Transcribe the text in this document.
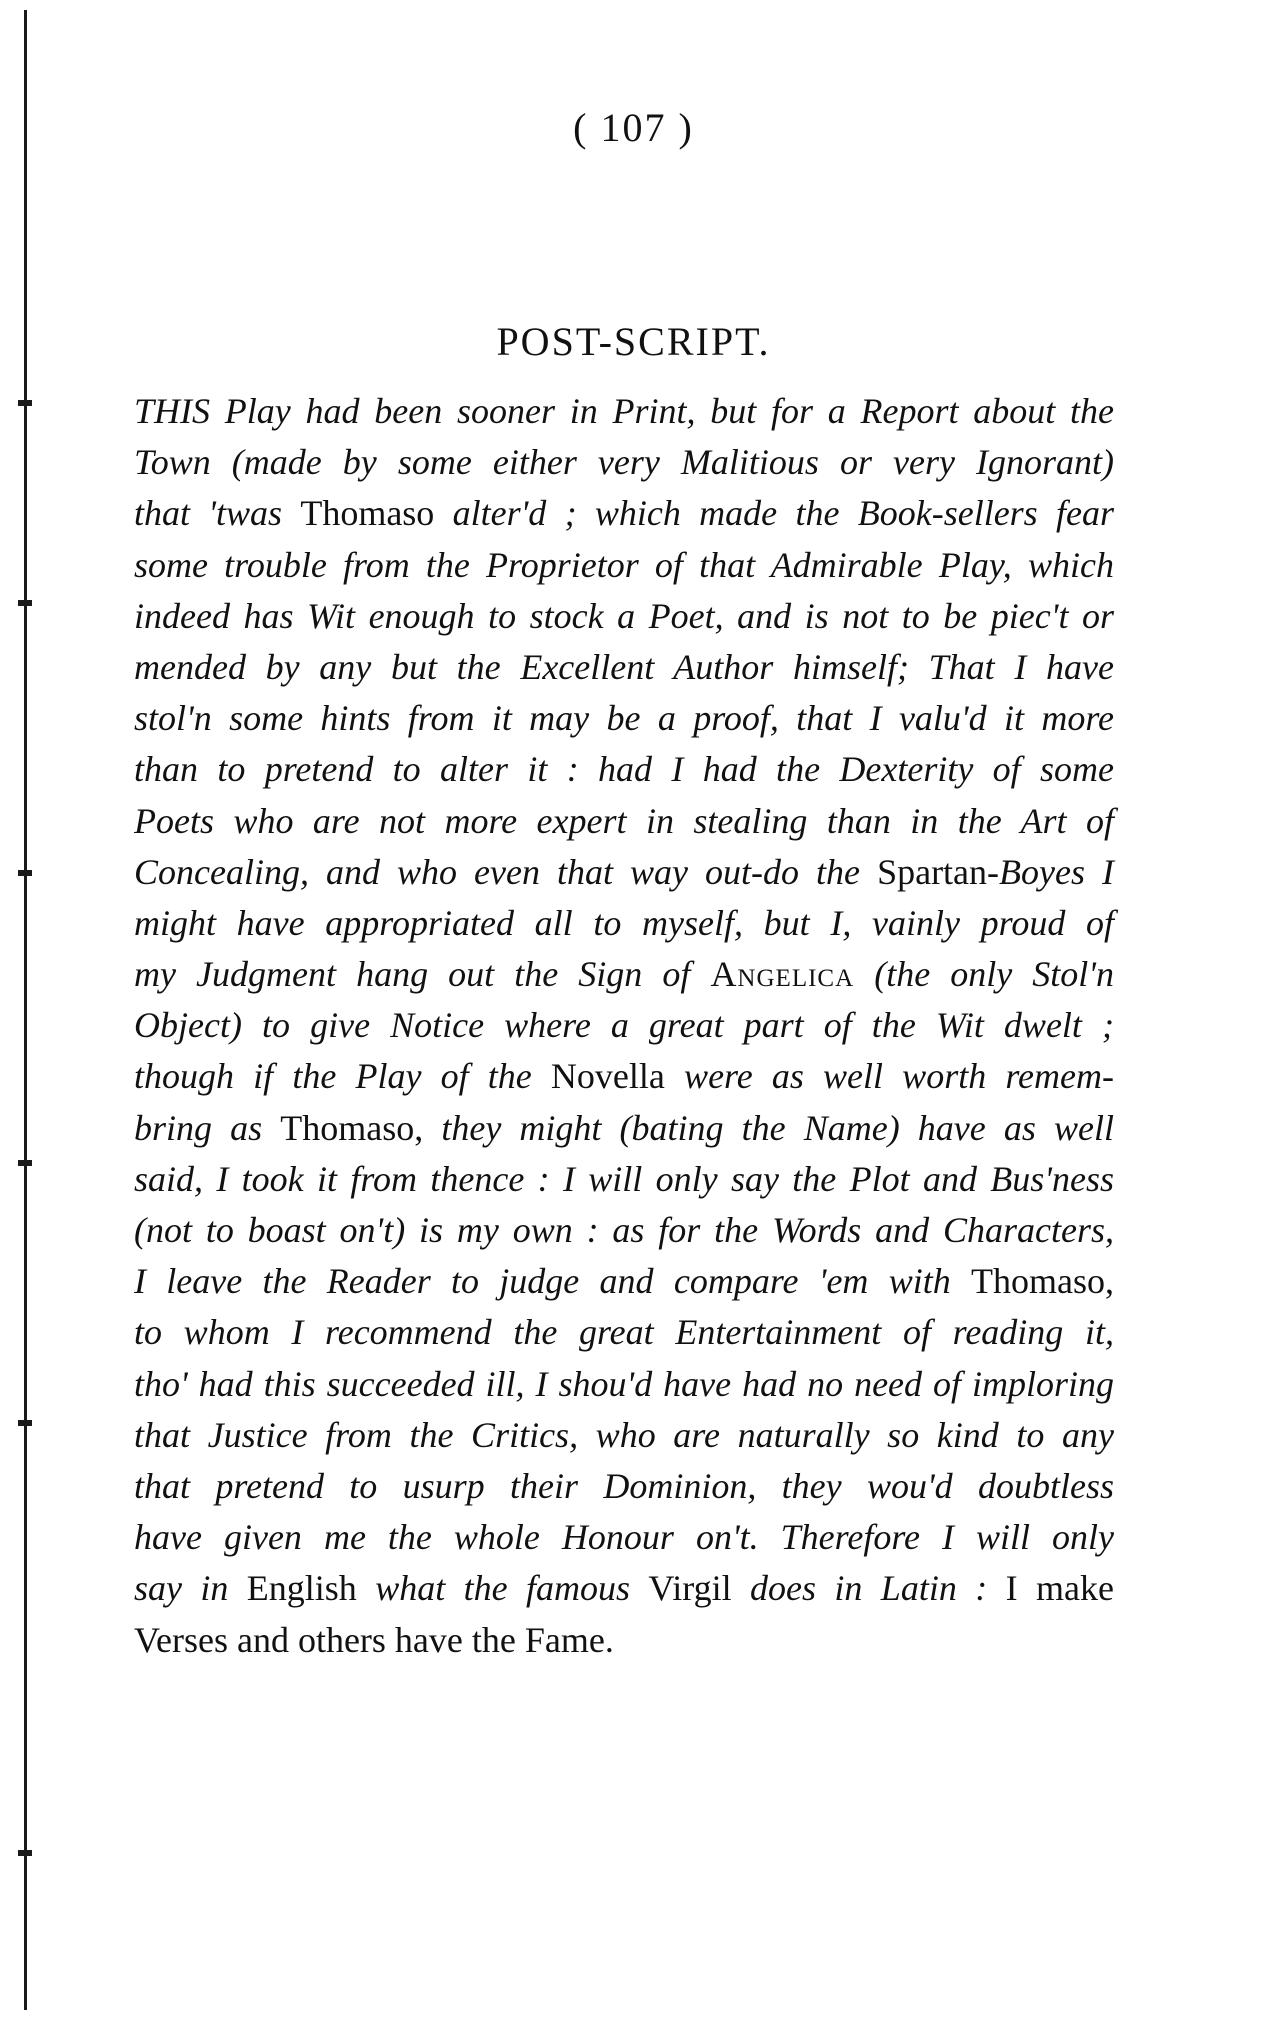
( 107 )
POST-SCRIPT.
THIS Play had been sooner in Print, but for a Report about the
Town (made by some either very Malitious or very Ignorant)
that 'twas Thomaso alter'd ; which made the Book-sellers fear
some trouble from the Proprietor of that Admirable Play, which
indeed has Wit enough to stock a Poet, and is not to be piec't or
mended by any but the Excellent Author himself; That I have
stol'n some hints from it may be a proof, that I valu'd it more
than to pretend to alter it : had I had the Dexterity of some
Poets who are not more expert in stealing than in the Art of
Concealing, and who even that way out-do the Spartan-Boyes I
might have appropriated all to myself, but I, vainly proud of
my Judgment hang out the Sign of Angelica (the only Stol'n
Object) to give Notice where a great part of the Wit dwelt ;
though if the Play of the Novella were as well worth remem-
bring as Thomaso, they might (bating the Name) have as well
said, I took it from thence : I will only say the Plot and Bus'ness
(not to boast on't) is my own : as for the Words and Characters,
I leave the Reader to judge and compare 'em with Thomaso,
to whom I recommend the great Entertainment of reading it,
tho' had this succeeded ill, I shou'd have had no need of imploring
that Justice from the Critics, who are naturally so kind to any
that pretend to usurp their Dominion, they wou'd doubtless
have given me the whole Honour on't. Therefore I will only
say in English what the famous Virgil does in Latin : I make
Verses and others have the Fame.
